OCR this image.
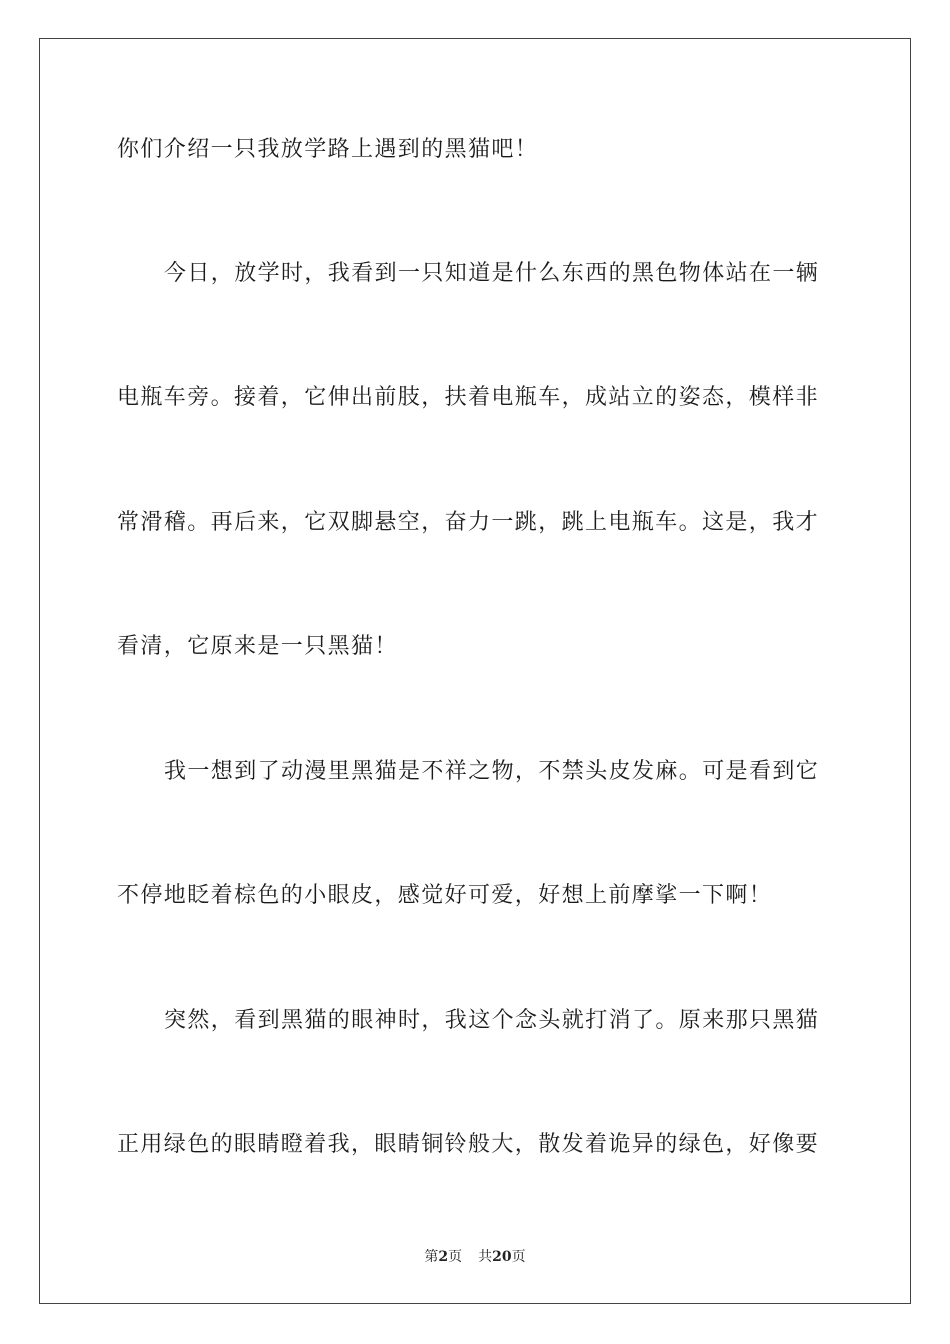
你们介绍一只我放学路上遇到的黑猫吧！
今日，放学时，我看到一只知道是什么东西的黑色物体站在一辆
电瓶车旁。接着，它伸出前肢，扶着电瓶车，成站立的姿态，模样非
常滑稽。再后来，它双脚悬空，奋力一跳，跳上电瓶车。这是，我才
看清，它原来是一只黑猫！
我一想到了动漫里黑猫是不祥之物，不禁头皮发麻。可是看到它
不停地眨着棕色的小眼皮，感觉好可爱，好想上前摩挲一下啊！
突然，看到黑猫的眼神时，我这个念头就打消了。原来那只黑猫
正用绿色的眼睛瞪着我，眼睛铜铃般大，散发着诡异的绿色，好像要
第2页 共20页
